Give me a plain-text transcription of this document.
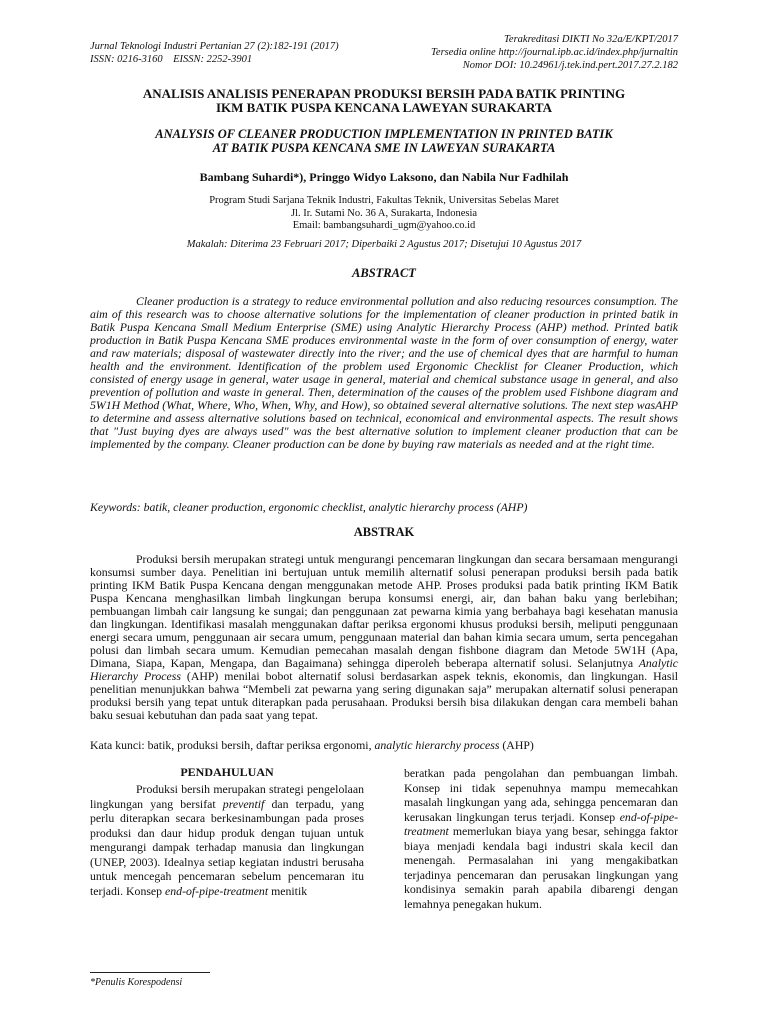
Jurnal Teknologi Industri Pertanian 27 (2):182-191 (2017)
ISSN: 0216-3160    EISSN: 2252-3901
Terakreditasi DIKTI No 32a/E/KPT/2017
Tersedia online http://journal.ipb.ac.id/index.php/jurnaltin
Nomor DOI: 10.24961/j.tek.ind.pert.2017.27.2.182
ANALISIS ANALISIS PENERAPAN PRODUKSI BERSIH PADA BATIK PRINTING
IKM BATIK PUSPA KENCANA LAWEYAN SURAKARTA
ANALYSIS OF CLEANER PRODUCTION IMPLEMENTATION IN PRINTED BATIK
AT BATIK PUSPA KENCANA SME IN LAWEYAN SURAKARTA
Bambang Suhardi*), Pringgo Widyo Laksono, dan Nabila Nur Fadhilah
Program Studi Sarjana Teknik Industri, Fakultas Teknik, Universitas Sebelas Maret
Jl. Ir. Sutami No. 36 A, Surakarta, Indonesia
Email: bambangsuhardi_ugm@yahoo.co.id
Makalah: Diterima 23 Februari 2017; Diperbaiki 2 Agustus 2017; Disetujui 10 Agustus 2017
ABSTRACT
Cleaner production is a strategy to reduce environmental pollution and also reducing resources consumption. The aim of this research was to choose alternative solutions for the implementation of cleaner production in printed batik in Batik Puspa Kencana Small Medium Enterprise (SME) using Analytic Hierarchy Process (AHP) method. Printed batik production in Batik Puspa Kencana SME produces environmental waste in the form of over consumption of energy, water and raw materials; disposal of wastewater directly into the river; and the use of chemical dyes that are harmful to human health and the environment. Identification of the problem used Ergonomic Checklist for Cleaner Production, which consisted of energy usage in general, water usage in general, material and chemical substance usage in general, and also prevention of pollution and waste in general. Then, determination of the causes of the problem used Fishbone diagram and 5W1H Method (What, Where, Who, When, Why, and How), so obtained several alternative solutions. The next step wasAHP to determine and assess alternative solutions based on technical, economical and environmental aspects. The result shows that "Just buying dyes are always used" was the best alternative solution to implement cleaner production that can be implemented by the company. Cleaner production can be done by buying raw materials as needed and at the right time.
Keywords: batik, cleaner production, ergonomic checklist, analytic hierarchy process (AHP)
ABSTRAK
Produksi bersih merupakan strategi untuk mengurangi pencemaran lingkungan dan secara bersamaan mengurangi konsumsi sumber daya. Penelitian ini bertujuan untuk memilih alternatif solusi penerapan produksi bersih pada batik printing IKM Batik Puspa Kencana dengan menggunakan metode AHP. Proses produksi pada batik printing IKM Batik Puspa Kencana menghasilkan limbah lingkungan berupa konsumsi energi, air, dan bahan baku yang berlebihan; pembuangan limbah cair langsung ke sungai; dan penggunaan zat pewarna kimia yang berbahaya bagi kesehatan manusia dan lingkungan. Identifikasi masalah menggunakan daftar periksa ergonomi khusus produksi bersih, meliputi penggunaan energi secara umum, penggunaan air secara umum, penggunaan material dan bahan kimia secara umum, serta pencegahan polusi dan limbah secara umum. Kemudian pemecahan masalah dengan fishbone diagram dan Metode 5W1H (Apa, Dimana, Siapa, Kapan, Mengapa, dan Bagaimana) sehingga diperoleh beberapa alternatif solusi. Selanjutnya Analytic Hierarchy Process (AHP) menilai bobot alternatif solusi berdasarkan aspek teknis, ekonomis, dan lingkungan. Hasil penelitian menunjukkan bahwa “Membeli zat pewarna yang sering digunakan saja” merupakan alternatif solusi penerapan produksi bersih yang tepat untuk diterapkan pada perusahaan. Produksi bersih bisa dilakukan dengan cara membeli bahan baku sesuai kebutuhan dan pada saat yang tepat.
Kata kunci: batik, produksi bersih, daftar periksa ergonomi, analytic hierarchy process (AHP)
PENDAHULUAN
Produksi bersih merupakan strategi pengelolaan lingkungan yang bersifat preventif dan terpadu, yang perlu diterapkan secara berkesinambungan pada proses produksi dan daur hidup produk dengan tujuan untuk mengurangi dampak terhadap manusia dan lingkungan (UNEP, 2003). Idealnya setiap kegiatan industri berusaha untuk mencegah pencemaran sebelum pencemaran itu terjadi. Konsep end-of-pipe-treatment menitik
beratkan pada pengolahan dan pembuangan limbah. Konsep ini tidak sepenuhnya mampu memecahkan masalah lingkungan yang ada, sehingga pencemaran dan kerusakan lingkungan terus terjadi. Konsep end-of-pipe-treatment memerlukan biaya yang besar, sehingga faktor biaya menjadi kendala bagi industri skala kecil dan menengah. Permasalahan ini yang mengakibatkan terjadinya pencemaran dan perusakan lingkungan yang kondisinya semakin parah apabila dibarengi dengan lemahnya penegakan hukum.
*Penulis Korespodensi
